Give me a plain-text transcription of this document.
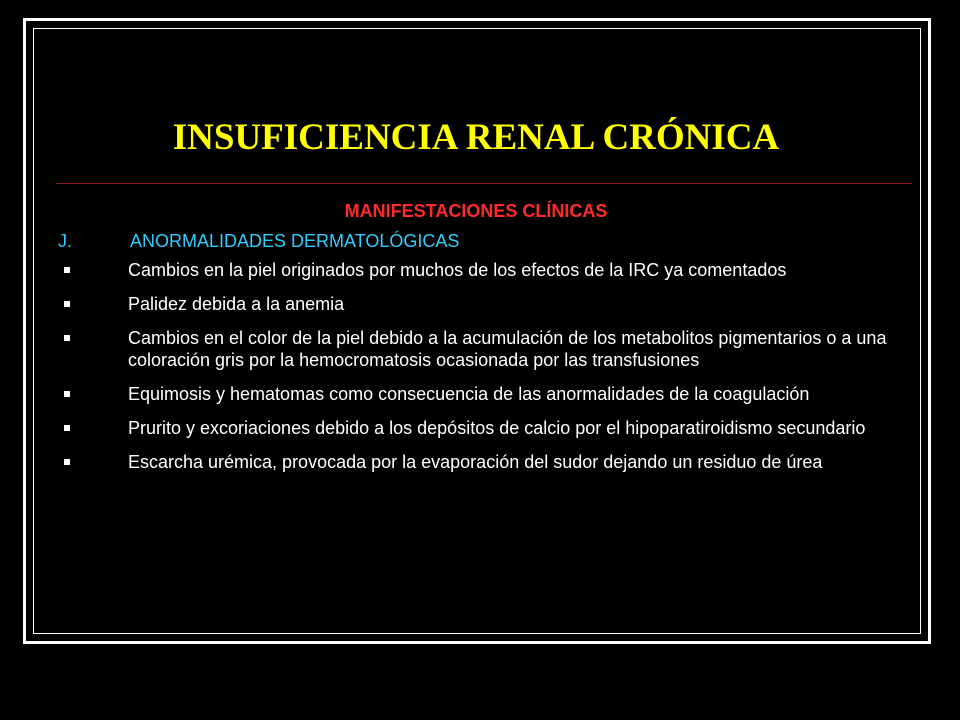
INSUFICIENCIA RENAL CRÓNICA
MANIFESTACIONES CLÍNICAS
J.	ANORMALIDADES DERMATOLÓGICAS
Cambios en la piel originados por muchos de los efectos de la IRC ya comentados
Palidez debida a la anemia
Cambios en el color de la piel debido a la acumulación de los metabolitos pigmentarios o a una coloración gris por la hemocromatosis ocasionada por las transfusiones
Equimosis y hematomas como consecuencia de las anormalidades de la coagulación
Prurito y excoriaciones debido a los depósitos de calcio por el hipoparatiroidismo secundario
Escarcha urémica, provocada por la evaporación del sudor dejando un residuo de úrea
